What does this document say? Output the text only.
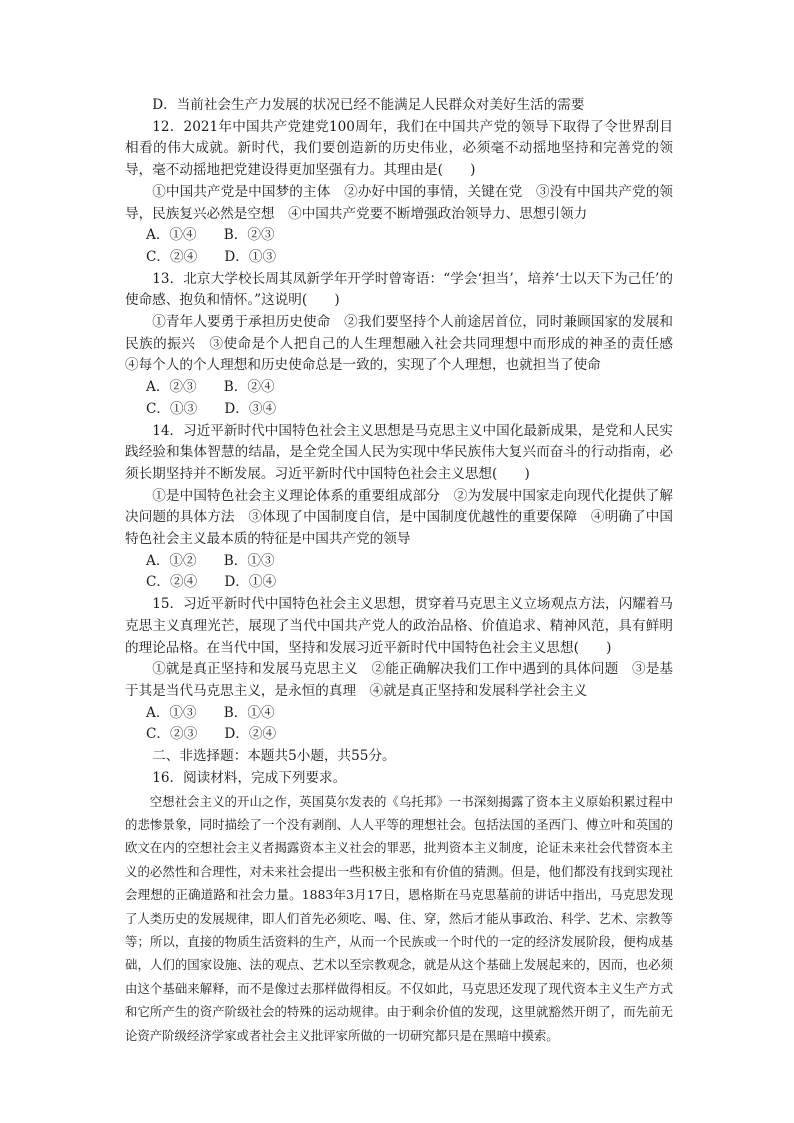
D．当前社会生产力发展的状况已经不能满足人民群众对美好生活的需要

12．2021年中国共产党建党100周年，我们在中国共产党的领导下取得了令世界刮目相看的伟大成就。新时代，我们要创造新的历史伟业，必须毫不动摇地坚持和完善党的领导，毫不动摇地把党建设得更加坚强有力。其理由是(　　)

①中国共产党是中国梦的主体　②办好中国的事情，关键在党　③没有中国共产党的领导，民族复兴必然是空想　④中国共产党要不断增强政治领导力、思想引领力

A．①④　　B．②③

C．②④　　D．①③

13．北京大学校长周其凤新学年开学时曾寄语：“学会‘担当’，培养‘士以天下为己任’的使命感、抱负和情怀。”这说明(　　)

①青年人要勇于承担历史使命　②我们要坚持个人前途居首位，同时兼顾国家的发展和民族的振兴　③使命是个人把自己的人生理想融入社会共同理想中而形成的神圣的责任感　④每个人的个人理想和历史使命总是一致的，实现了个人理想，也就担当了使命

A．②③　　B．②④

C．①③　　D．③④

14．习近平新时代中国特色社会主义思想是马克思主义中国化最新成果，是党和人民实践经验和集体智慧的结晶，是全党全国人民为实现中华民族伟大复兴而奋斗的行动指南，必须长期坚持并不断发展。习近平新时代中国特色社会主义思想(　　)

①是中国特色社会主义理论体系的重要组成部分　②为发展中国家走向现代化提供了解决问题的具体方法　③体现了中国制度自信，是中国制度优越性的重要保障　④明确了中国特色社会主义最本质的特征是中国共产党的领导

A．①②　　B．①③

C．②④　　D．①④

15．习近平新时代中国特色社会主义思想，贯穿着马克思主义立场观点方法，闪耀着马克思主义真理光芒，展现了当代中国共产党人的政治品格、价值追求、精神风范，具有鲜明的理论品格。在当代中国，坚持和发展习近平新时代中国特色社会主义思想(　　)

①就是真正坚持和发展马克思主义　②能正确解决我们工作中遇到的具体问题　③是基于其是当代马克思主义，是永恒的真理　④就是真正坚持和发展科学社会主义

A．①③　　B．①④

C．②③　　D．②④

二、非选择题：本题共5小题，共55分。

16．阅读材料，完成下列要求。

空想社会主义的开山之作，英国莫尔发表的《乌托邦》一书深刻揭露了资本主义原始积累过程中的悲惨景象，同时描绘了一个没有剥削、人人平等的理想社会。包括法国的圣西门、傅立叶和英国的欧文在内的空想社会主义者揭露资本主义社会的罪恶，批判资本主义制度，论证未来社会代替资本主义的必然性和合理性，对未来社会提出一些积极主张和有价值的猜测。但是，他们都没有找到实现社会理想的正确道路和社会力量。1883年3月17日，恩格斯在马克思墓前的讲话中指出，马克思发现了人类历史的发展规律，即人们首先必须吃、喝、住、穿，然后才能从事政治、科学、艺术、宗教等等；所以，直接的物质生活资料的生产，从而一个民族或一个时代的一定的经济发展阶段，便构成基础，人们的国家设施、法的观点、艺术以至宗教观念，就是从这个基础上发展起来的，因而，也必须由这个基础来解释，而不是像过去那样做得相反。不仅如此，马克思还发现了现代资本主义生产方式和它所产生的资产阶级社会的特殊的运动规律。由于剩余价值的发现，这里就豁然开朗了，而先前无论资产阶级经济学家或者社会主义批评家所做的一切研究都只是在黑暗中摸索。
